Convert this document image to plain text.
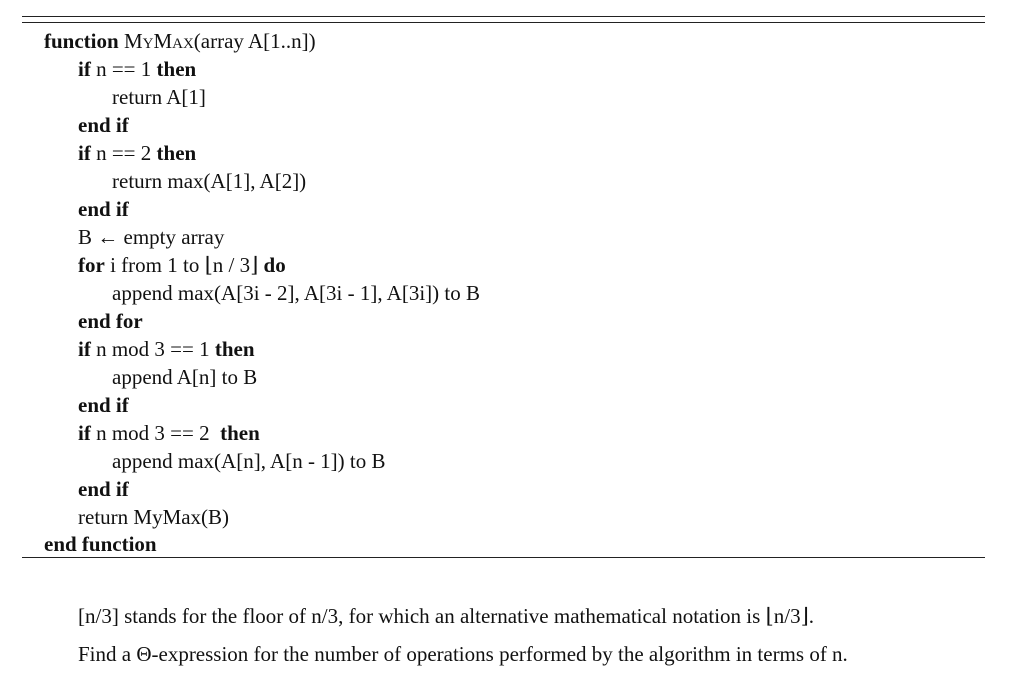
function MyMax(array A[1..n])
if n == 1 then
return A[1]
end if
if n == 2 then
return max(A[1], A[2])
end if
B ← empty array
for i from 1 to ⌊n / 3⌋ do
append max(A[3i - 2], A[3i - 1], A[3i]) to B
end for
if n mod 3 == 1 then
append A[n] to B
end if
if n mod 3 == 2  then
append max(A[n], A[n - 1]) to B
end if
return MyMax(B)
end function
[n/3] stands for the floor of n/3, for which an alternative mathematical notation is ⌊n/3⌋.
Find a Θ-expression for the number of operations performed by the algorithm in terms of n.
